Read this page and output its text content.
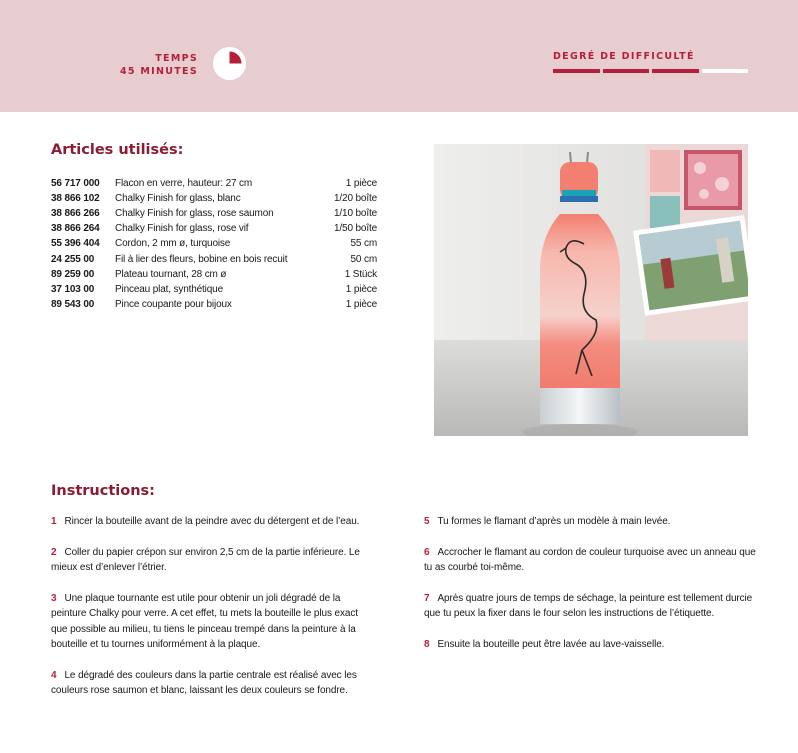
TEMPS
45 MINUTES
DEGRÉ DE DIFFICULTÉ
Articles utilisés:
56 717 000	Flacon en verre, hauteur: 27 cm	1 pièce
38 866 102	Chalky Finish for glass, blanc	1/20 boîte
38 866 266	Chalky Finish for glass, rose saumon	1/10 boîte
38 866 264	Chalky Finish for glass, rose vif	1/50 boîte
55 396 404	Cordon, 2 mm ø, turquoise	55 cm
24 255 00	Fil à lier des fleurs, bobine en bois recuit	50 cm
89 259 00	Plateau tournant, 28 cm ø	1 Stück
37 103 00	Pinceau plat, synthétique	1 pièce
89 543 00	Pince coupante pour bijoux	1 pièce
Instructions:

1 Rincer la bouteille avant de la peindre avec du détergent et de l’eau.

2 Coller du papier crépon sur environ 2,5 cm de la partie inférieure. Le mieux est d’enlever l’étrier.

3 Une plaque tournante est utile pour obtenir un joli dégradé de la peinture Chalky pour verre. A cet effet, tu mets la bouteille le plus exact que possible au milieu, tu tiens le pinceau trempé dans la peinture à la bouteille et tu tournes uniformément à la plaque.

4 Le dégradé des couleurs dans la partie centrale est réalisé avec les couleurs rose saumon et blanc, laissant les deux couleurs se fondre.

5 Tu formes le flamant d’après un modèle à main levée.

6 Accrocher le flamant au cordon de couleur turquoise avec un anneau que tu as courbé toi-même.

7 Après quatre jours de temps de séchage, la peinture est tellement durcie que tu peux la fixer dans le four selon les instructions de l’étiquette.

8 Ensuite la bouteille peut être lavée au lave-vaisselle.
